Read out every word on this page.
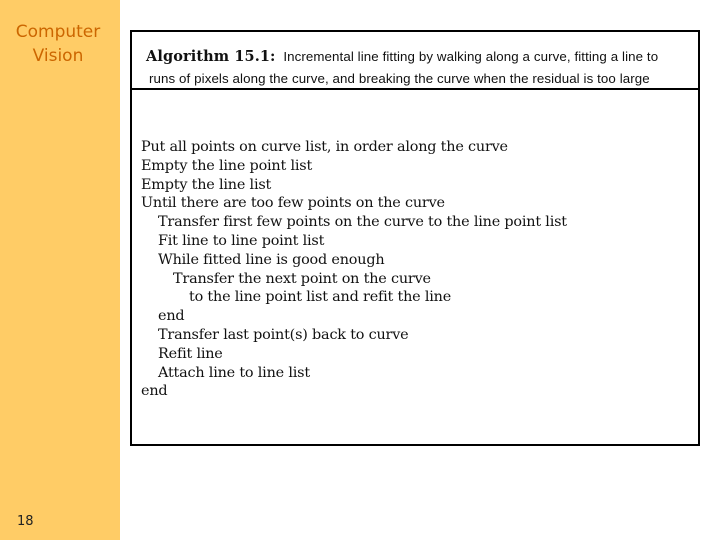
Computer
Vision
18
Algorithm 15.1: Incremental line fitting by walking along a curve, fitting a line to
runs of pixels along the curve, and breaking the curve when the residual is too large
Put all points on curve list, in order along the curve
Empty the line point list
Empty the line list
Until there are too few points on the curve
Transfer first few points on the curve to the line point list
Fit line to line point list
While fitted line is good enough
Transfer the next point on the curve
to the line point list and refit the line
end
Transfer last point(s) back to curve
Refit line
Attach line to line list
end
